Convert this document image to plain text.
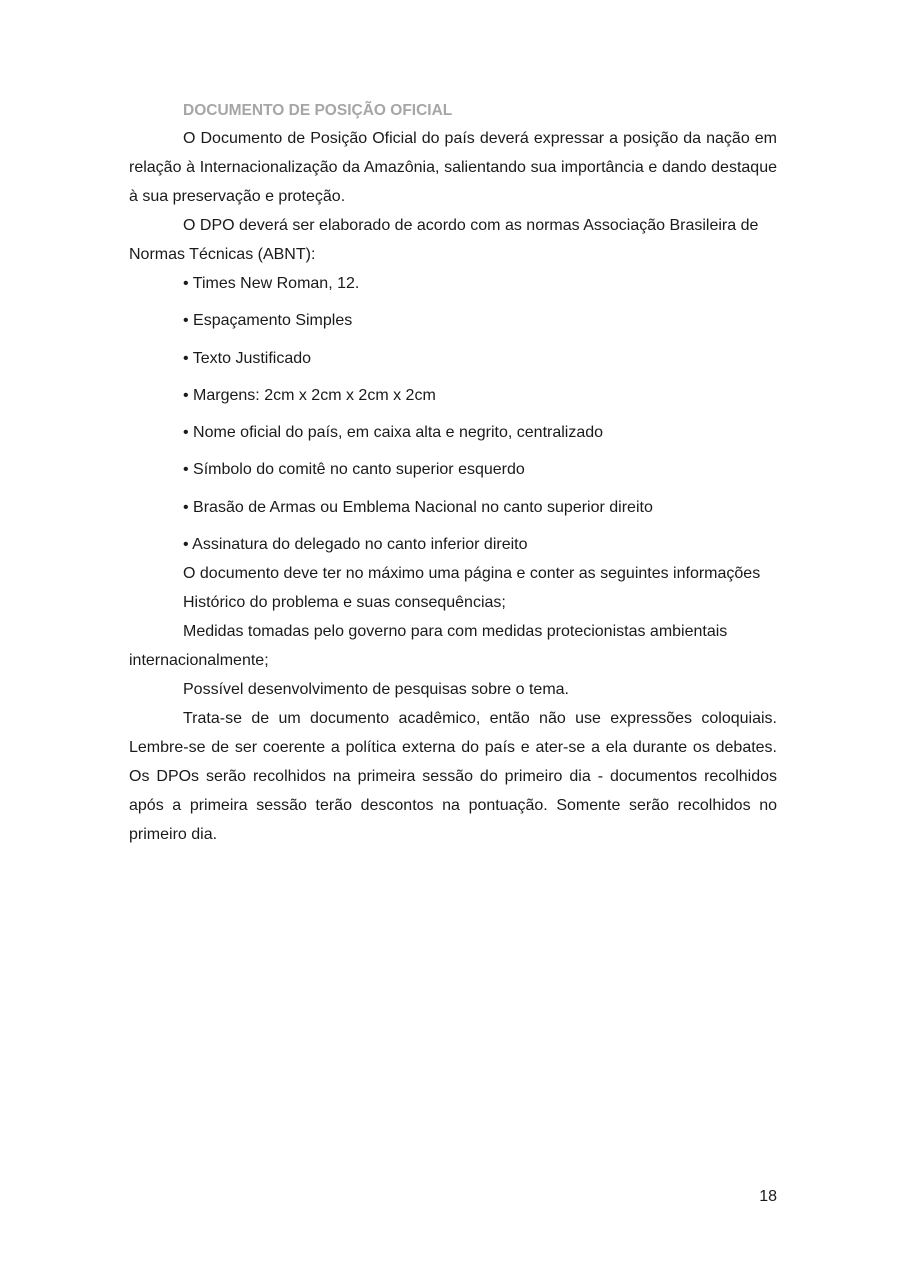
DOCUMENTO DE POSIÇÃO OFICIAL

O Documento de Posição Oficial do país deverá expressar a posição da nação em relação à Internacionalização da Amazônia, salientando sua importância e dando destaque à sua preservação e proteção.

O DPO deverá ser elaborado de acordo com as normas Associação Brasileira de Normas Técnicas (ABNT):

• Times New Roman, 12.
• Espaçamento Simples
• Texto Justificado
• Margens: 2cm x 2cm x 2cm x 2cm
• Nome oficial do país, em caixa alta e negrito, centralizado
• Símbolo do comitê no canto superior esquerdo
• Brasão de Armas ou Emblema Nacional no canto superior direito
• Assinatura do delegado no canto inferior direito

O documento deve ter no máximo uma página e conter as seguintes informações

Histórico do problema e suas consequências;

Medidas tomadas pelo governo para com medidas protecionistas ambientais internacionalmente;

Possível desenvolvimento de pesquisas sobre o tema.

Trata-se de um documento acadêmico, então não use expressões coloquiais. Lembre-se de ser coerente a política externa do país e ater-se a ela durante os debates. Os DPOs serão recolhidos na primeira sessão do primeiro dia - documentos recolhidos após a primeira sessão terão descontos na pontuação. Somente serão recolhidos no primeiro dia.

18
